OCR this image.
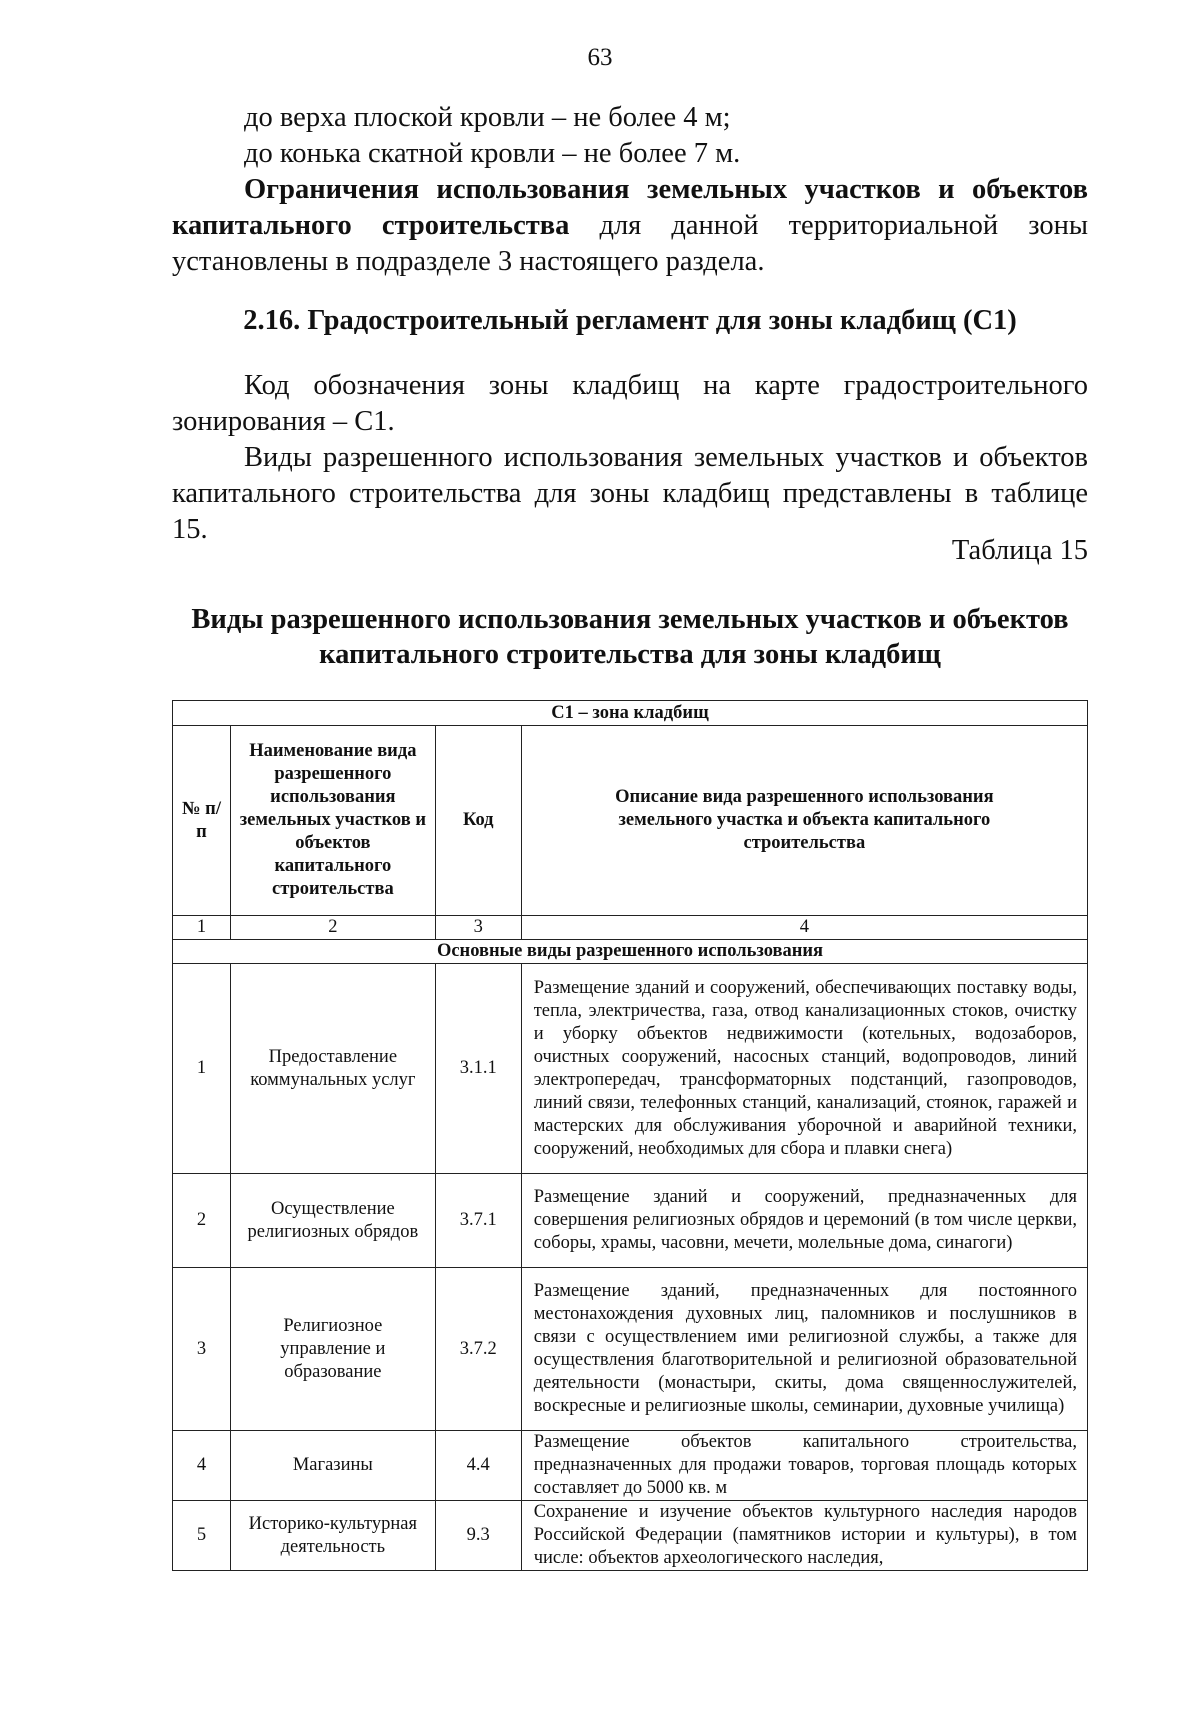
63

до верха плоской кровли – не более 4 м;

до конька скатной кровли – не более 7 м.

Ограничения использования земельных участков и объектов

капитального строительства для данной территориальной зоны

установлены в подразделе 3 настоящего раздела.

2.16. Градостроительный регламент для зоны кладбищ (С1)

Код обозначения зоны кладбищ на карте градостроительного

зонирования – С1.

Виды разрешенного использования земельных участков и объектов

капитального строительства для зоны кладбищ представлены в таблице 15.

Таблица 15

Виды разрешенного использования земельных участков и объектов

капитального строительства для зоны кладбищ

С1 – зона кладбищ			
№ п/п	Наименование вида разрешенного использования земельных участков и объектов капитального строительства	Код	Описание вида разрешенного использования земельного участка и объекта капитального строительства
1	2	3	4
Основные виды разрешенного использования			
1	Предоставление коммунальных услуг	3.1.1	Размещение зданий и сооружений, обеспечивающих поставку воды, тепла, электричества, газа, отвод канализационных стоков, очистку и уборку объектов недвижимости (котельных, водозаборов, очистных сооружений, насосных станций, водопроводов, линий электропередач, трансформаторных подстанций, газопроводов, линий связи, телефонных станций, канализаций, стоянок, гаражей и мастерских для обслуживания уборочной и аварийной техники, сооружений, необходимых для сбора и плавки снега)
2	Осуществление религиозных обрядов	3.7.1	Размещение зданий и сооружений, предназначенных для совершения религиозных обрядов и церемоний (в том числе церкви, соборы, храмы, часовни, мечети, молельные дома, синагоги)
3	Религиозное управление и образование	3.7.2	Размещение зданий, предназначенных для постоянного местонахождения духовных лиц, паломников и послушников в связи с осуществлением ими религиозной службы, а также для осуществления благотворительной и религиозной образовательной деятельности (монастыри, скиты, дома священнослужителей, воскресные и религиозные школы, семинарии, духовные училища)
4	Магазины	4.4	Размещение объектов капитального строительства, предназначенных для продажи товаров, торговая площадь которых составляет до 5000 кв. м
5	Историко-культурная деятельность	9.3	Сохранение и изучение объектов культурного наследия народов Российской Федерации (памятников истории и культуры), в том числе: объектов археологического наследия,
